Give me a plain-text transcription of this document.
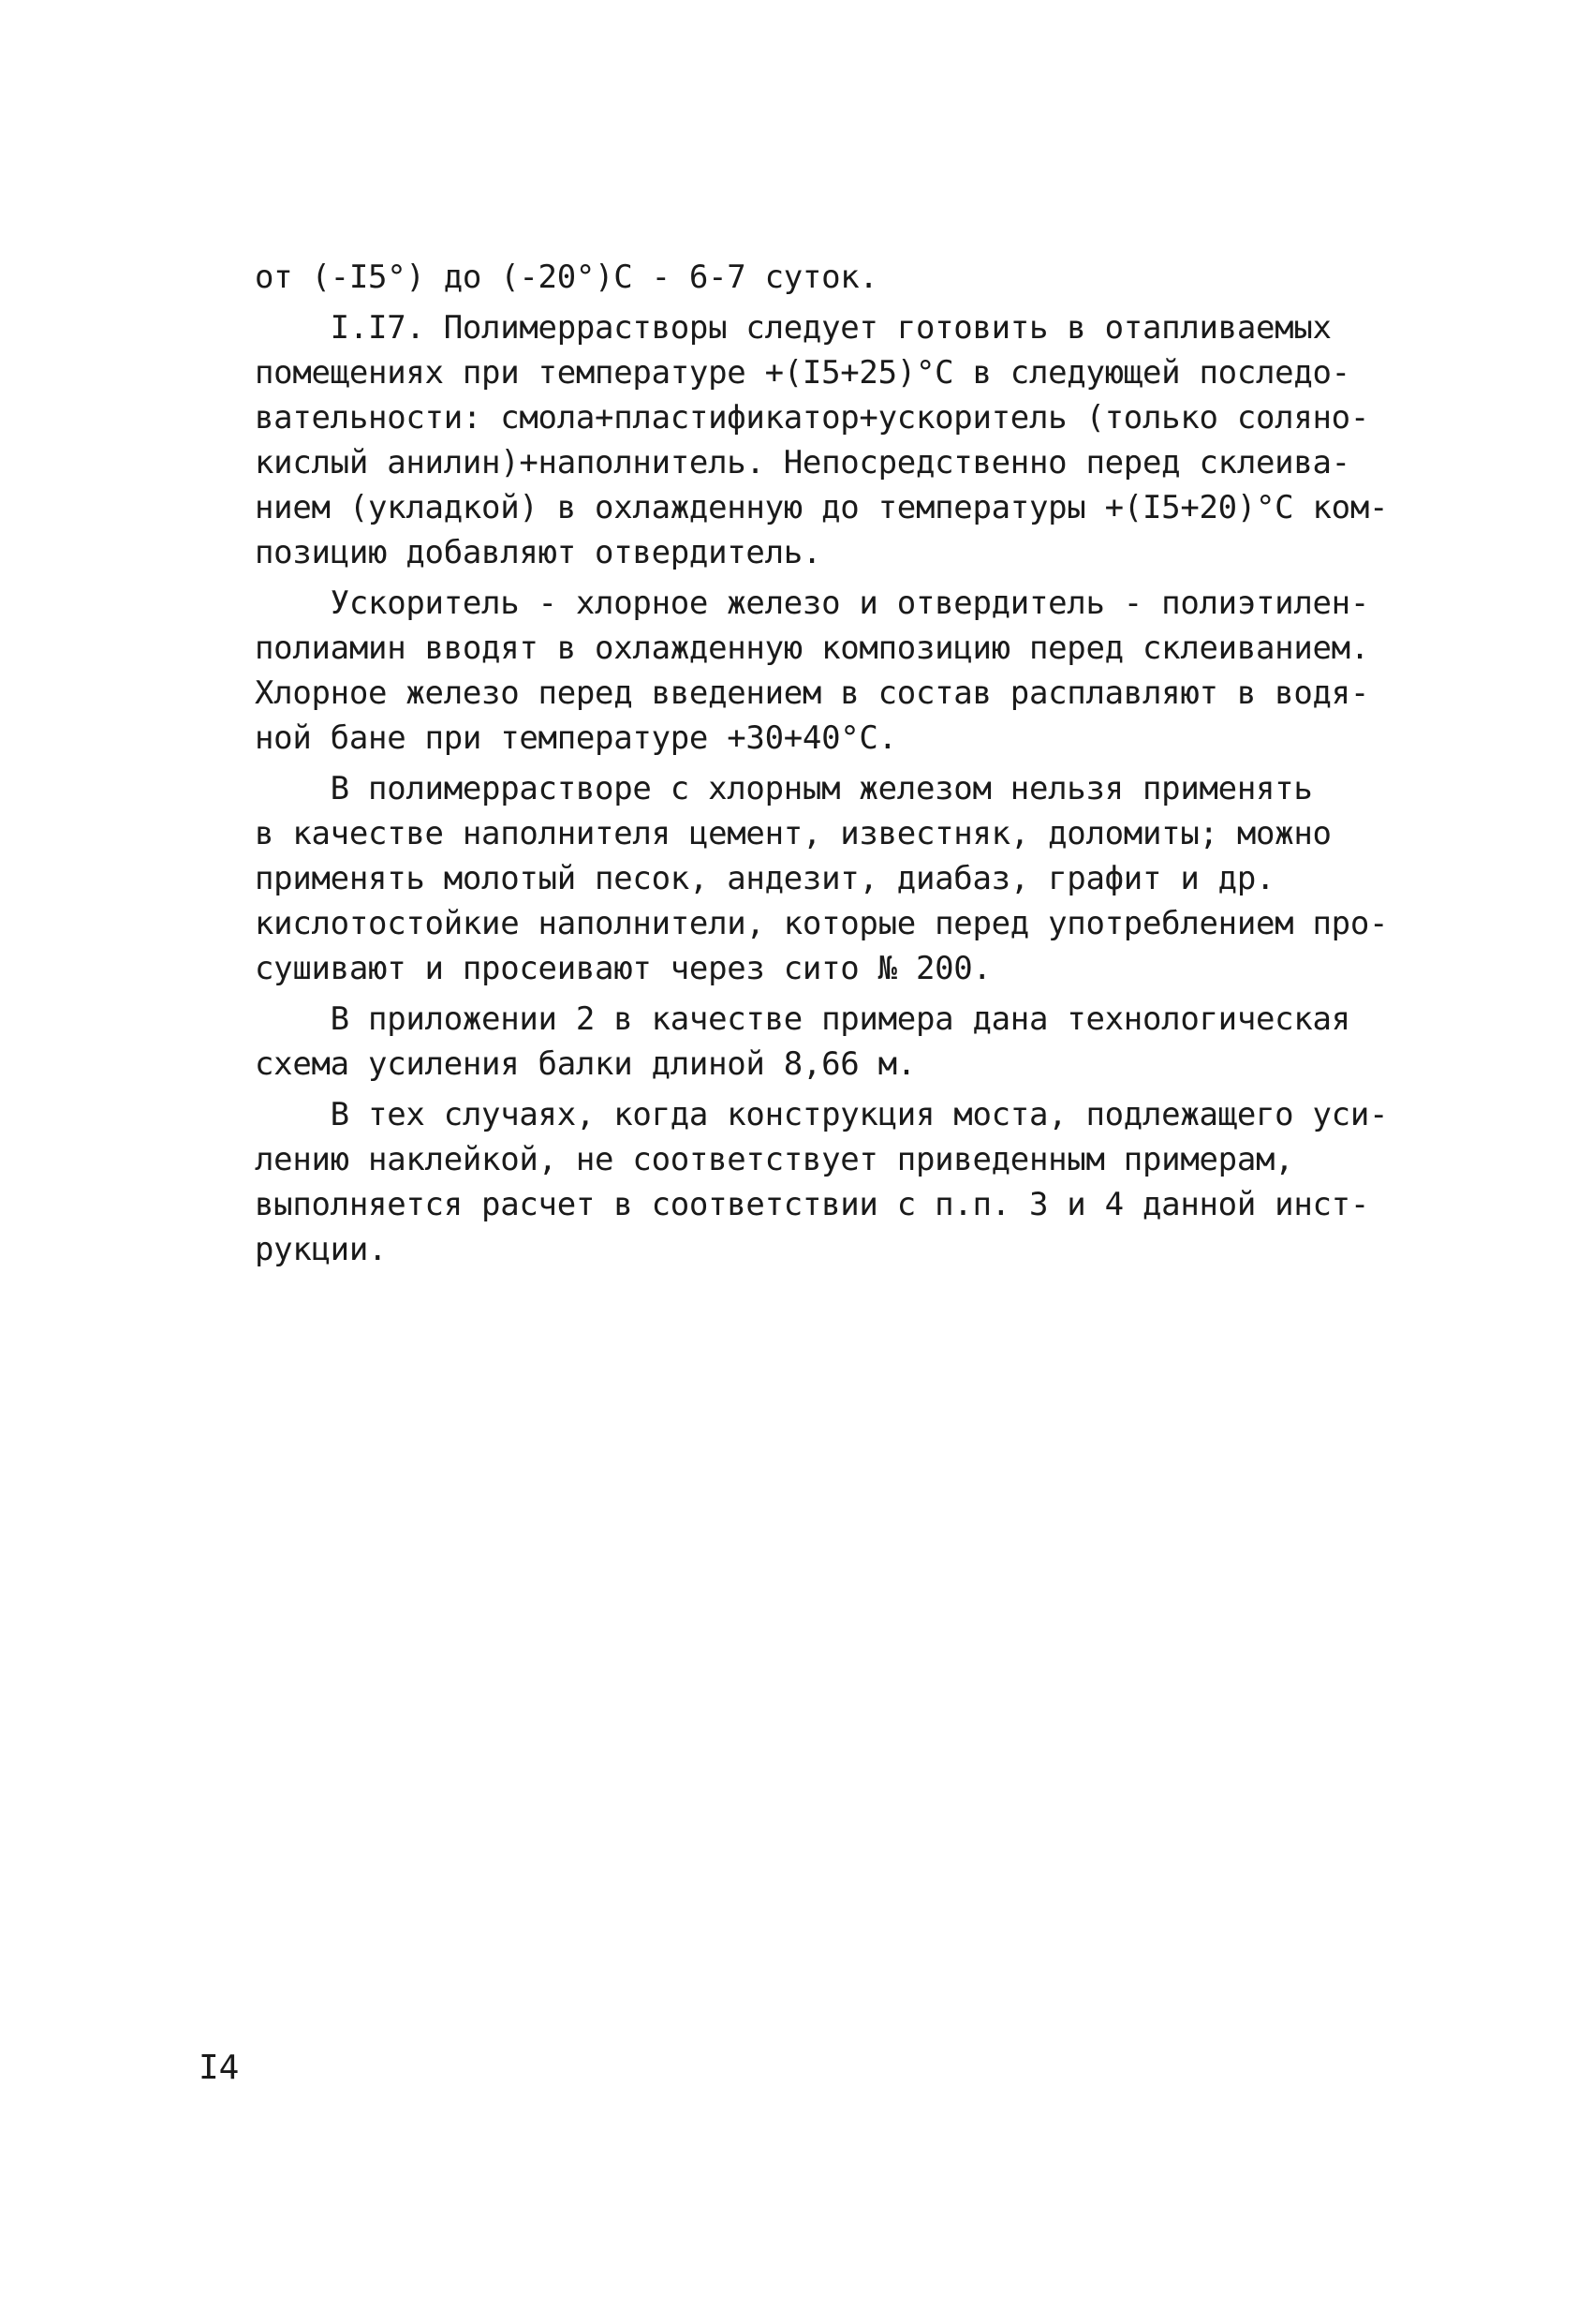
от (-I5°) до (-20°)С - 6-7 суток.
I.I7. Полимеррастворы следует готовить в отапливаемых
помещениях при температуре +(I5+25)°С в следующей последо-
вательности: смола+пластификатор+ускоритель (только соляно-
кислый анилин)+наполнитель. Непосредственно перед склеива-
нием (укладкой) в охлажденную до температуры +(I5+20)°С ком-
позицию добавляют отвердитель.
Ускоритель - хлорное железо и отвердитель - полиэтилен-
полиамин вводят в охлажденную композицию перед склеиванием.
Хлорное железо перед введением в состав расплавляют в водя-
ной бане при температуре +30+40°С.
В полимеррастворе с хлорным железом нельзя применять
в качестве наполнителя цемент, известняк, доломиты; можно
применять молотый песок, андезит, диабаз, графит и др.
кислотостойкие наполнители, которые перед употреблением про-
сушивают и просеивают через сито № 200.
В приложении 2 в качестве примера дана технологическая
схема усиления балки длиной 8,66 м.
В тех случаях, когда конструкция моста, подлежащего уси-
лению наклейкой, не соответствует приведенным примерам,
выполняется расчет в соответствии с п.п. 3 и 4 данной инст-
рукции.
I4
